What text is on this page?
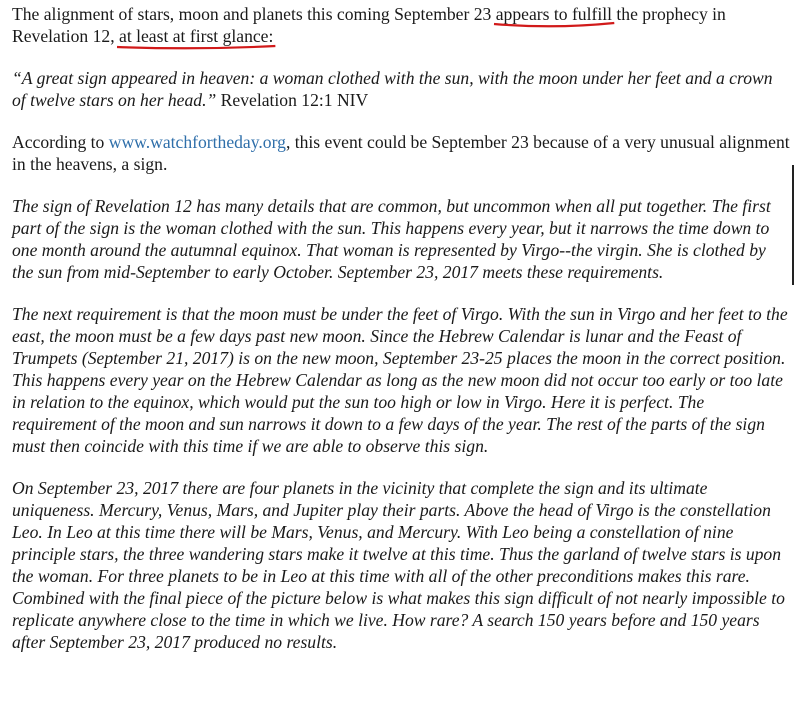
The alignment of stars, moon and planets this coming September 23 appears to fulfill
the prophecy in Revelation 12, at least at first glance:

“A great sign appeared in heaven: a woman clothed with the sun, with the moon under her feet and a crown of twelve stars on her head.” Revelation 12:1 NIV

According to www.watchfortheday.org, this event could be September 23 because of a very unusual alignment in the heavens, a sign.

The sign of Revelation 12 has many details that are common, but uncommon when all put together. The first part of the sign is the woman clothed with the sun. This happens every year, but it narrows the time down to one month around the autumnal equinox. That woman is represented by Virgo--the virgin. She is clothed by the sun from mid-September to early October. September 23, 2017 meets these requirements.

The next requirement is that the moon must be under the feet of Virgo. With the sun in Virgo and her feet to the east, the moon must be a few days past new moon. Since the Hebrew Calendar is lunar and the Feast of Trumpets (September 21, 2017) is on the new moon, September 23-25 places the moon in the correct position. This happens every year on the Hebrew Calendar as long as the new moon did not occur too early or too late in relation to the equinox, which would put the sun too high or low in Virgo. Here it is perfect. The requirement of the moon and sun narrows it down to a few days of the year. The rest of the parts of the sign must then coincide with this time if we are able to observe this sign.

On September 23, 2017 there are four planets in the vicinity that complete the sign and its ultimate uniqueness. Mercury, Venus, Mars, and Jupiter play their parts. Above the head of Virgo is the constellation Leo. In Leo at this time there will be Mars, Venus, and Mercury. With Leo being a constellation of nine principle stars, the three wandering stars make it twelve at this time. Thus the garland of twelve stars is upon the woman. For three planets to be in Leo at this time with all of the other preconditions makes this rare. Combined with the final piece of the picture below is what makes this sign difficult of not nearly impossible to replicate anywhere close to the time in which we live. How rare? A search 150 years before and 150 years after September 23, 2017 produced no results.
